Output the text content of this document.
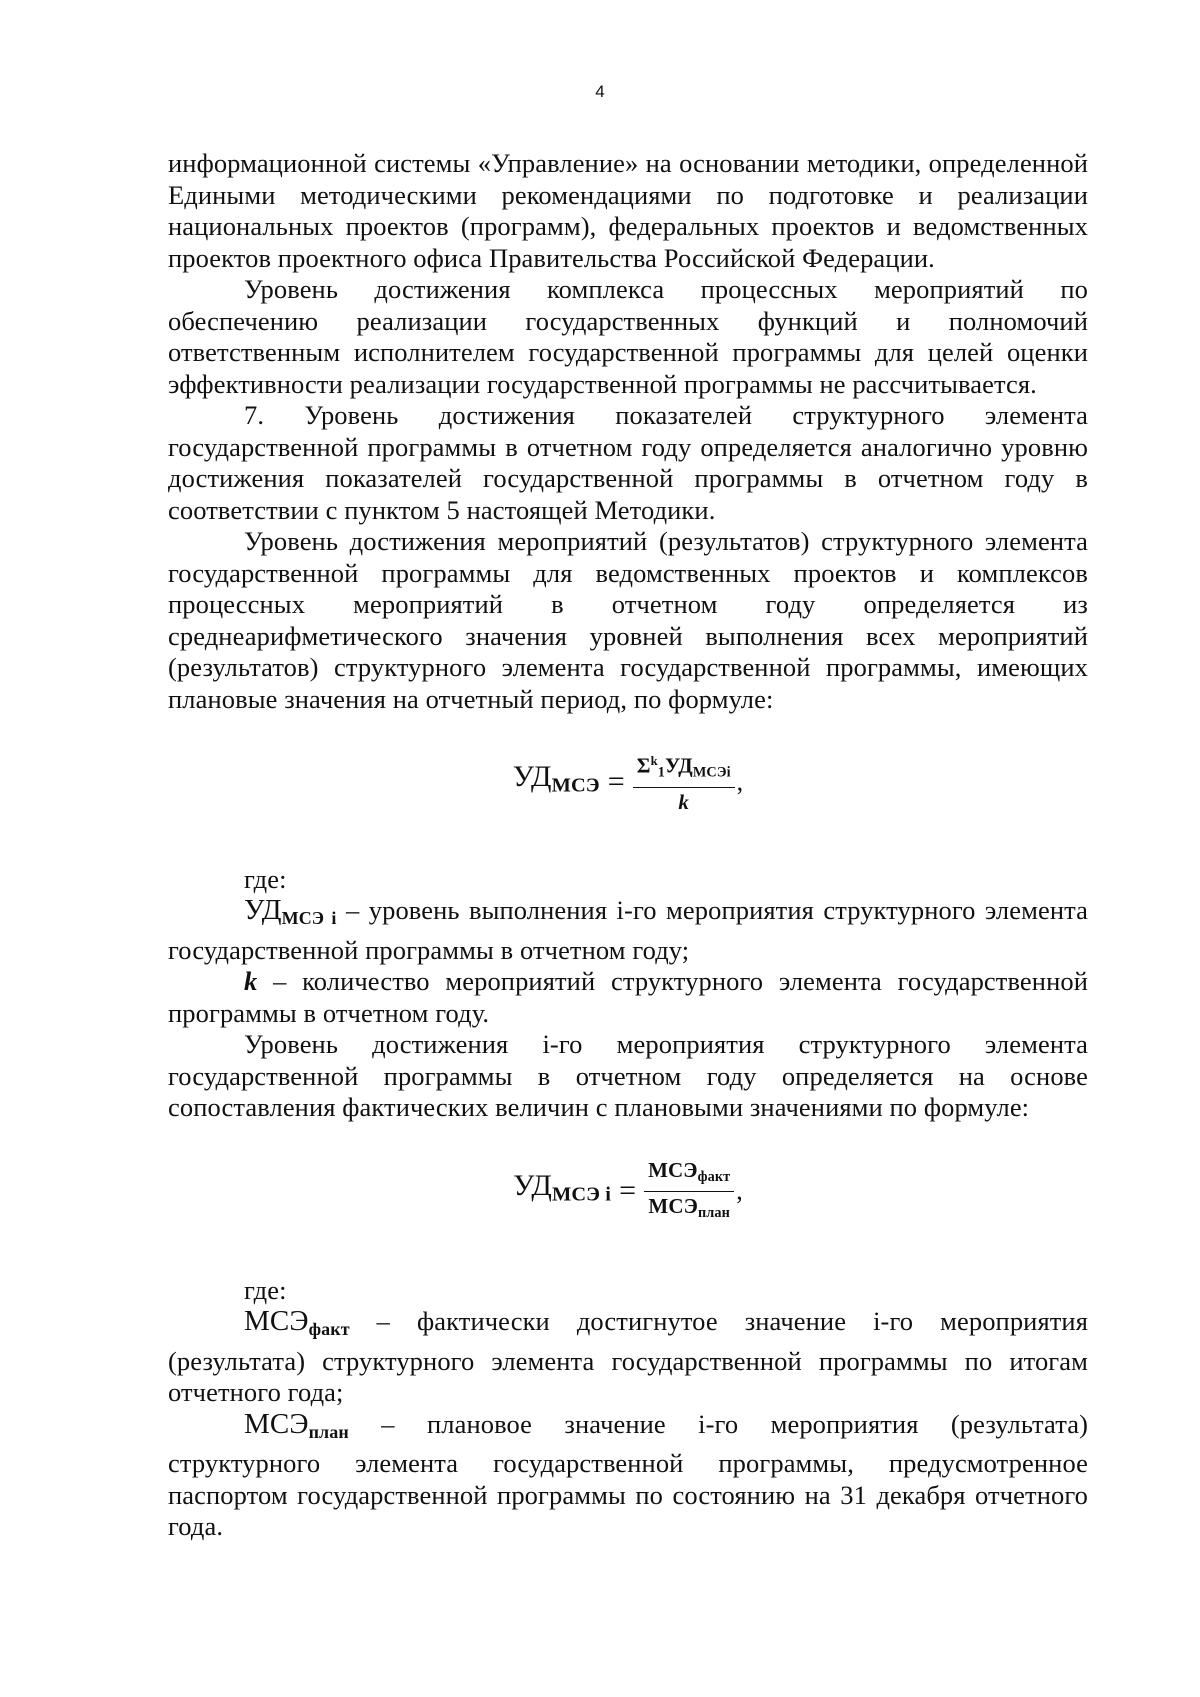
4

информационной системы «Управление» на основании методики, определенной Едиными методическими рекомендациями по подготовке и реализации национальных проектов (программ), федеральных проектов и ведомственных проектов проектного офиса Правительства Российской Федерации.

Уровень достижения комплекса процессных мероприятий по обеспечению реализации государственных функций и полномочий ответственным исполнителем государственной программы для целей оценки эффективности реализации государственной программы не рассчитывается.

7. Уровень достижения показателей структурного элемента государственной программы в отчетном году определяется аналогично уровню достижения показателей государственной программы в отчетном году в соответствии с пунктом 5 настоящей Методики.

Уровень достижения мероприятий (результатов) структурного элемента государственной программы для ведомственных проектов и комплексов процессных мероприятий в отчетном году определяется из среднеарифметического значения уровней выполнения всех мероприятий (результатов) структурного элемента государственной программы, имеющих плановые значения на отчетный период, по формуле:

$УД_{МСЭ} = \frac{\Sigma^k_1УД_{МСЭi}}{k}$ ,

где:

$УД_{МСЭ i}$ – уровень выполнения i-го мероприятия структурного элемента государственной программы в отчетном году;

k – количество мероприятий структурного элемента государственной программы в отчетном году.

Уровень достижения i-го мероприятия структурного элемента государственной программы в отчетном году определяется на основе сопоставления фактических величин с плановыми значениями по формуле:

$УД_{МСЭ i} = \frac{МСЭ_{факт}}{МСЭ_{план}}$ ,

где:

$МСЭ_{факт}$ – фактически достигнутое значение i-го мероприятия (результата) структурного элемента государственной программы по итогам отчетного года;

$МСЭ_{план}$ – плановое значение i-го мероприятия (результата) структурного элемента государственной программы, предусмотренное паспортом государственной программы по состоянию на 31 декабря отчетного года.
